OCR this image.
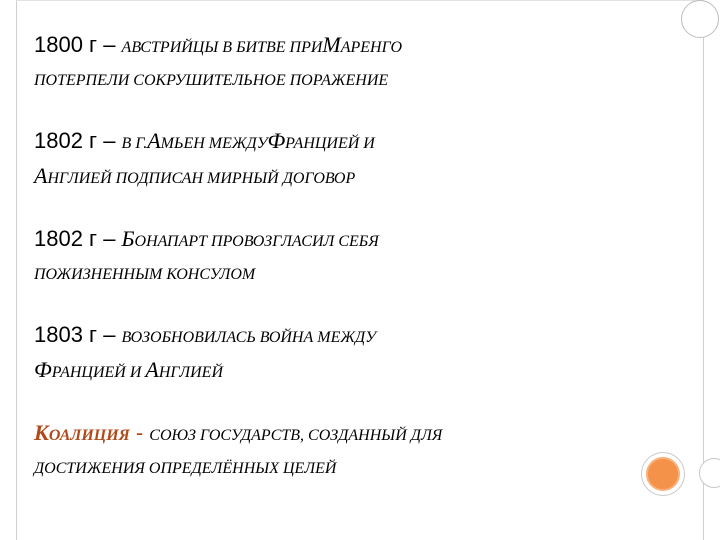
1800 г – АВСТРИЙЦЫ В БИТВЕ ПРИМАРЕНГО
ПОТЕРПЕЛИ СОКРУШИТЕЛЬНОЕ ПОРАЖЕНИЕ
1802 г – В Г.АМЬЕН МЕЖДУФРАНЦИЕЙ И
АНГЛИЕЙ ПОДПИСАН МИРНЫЙ ДОГОВОР
1802 г – БОНАПАРТ ПРОВОЗГЛАСИЛ СЕБЯ
ПОЖИЗНЕННЫМ КОНСУЛОМ
1803 г – ВОЗОБНОВИЛАСЬ ВОЙНА МЕЖДУ
ФРАНЦИЕЙ И АНГЛИЕЙ
КОАЛИЦИЯ - СОЮЗ ГОСУДАРСТВ, СОЗДАННЫЙ ДЛЯ
ДОСТИЖЕНИЯ ОПРЕДЕЛЁННЫХ ЦЕЛЕЙ
